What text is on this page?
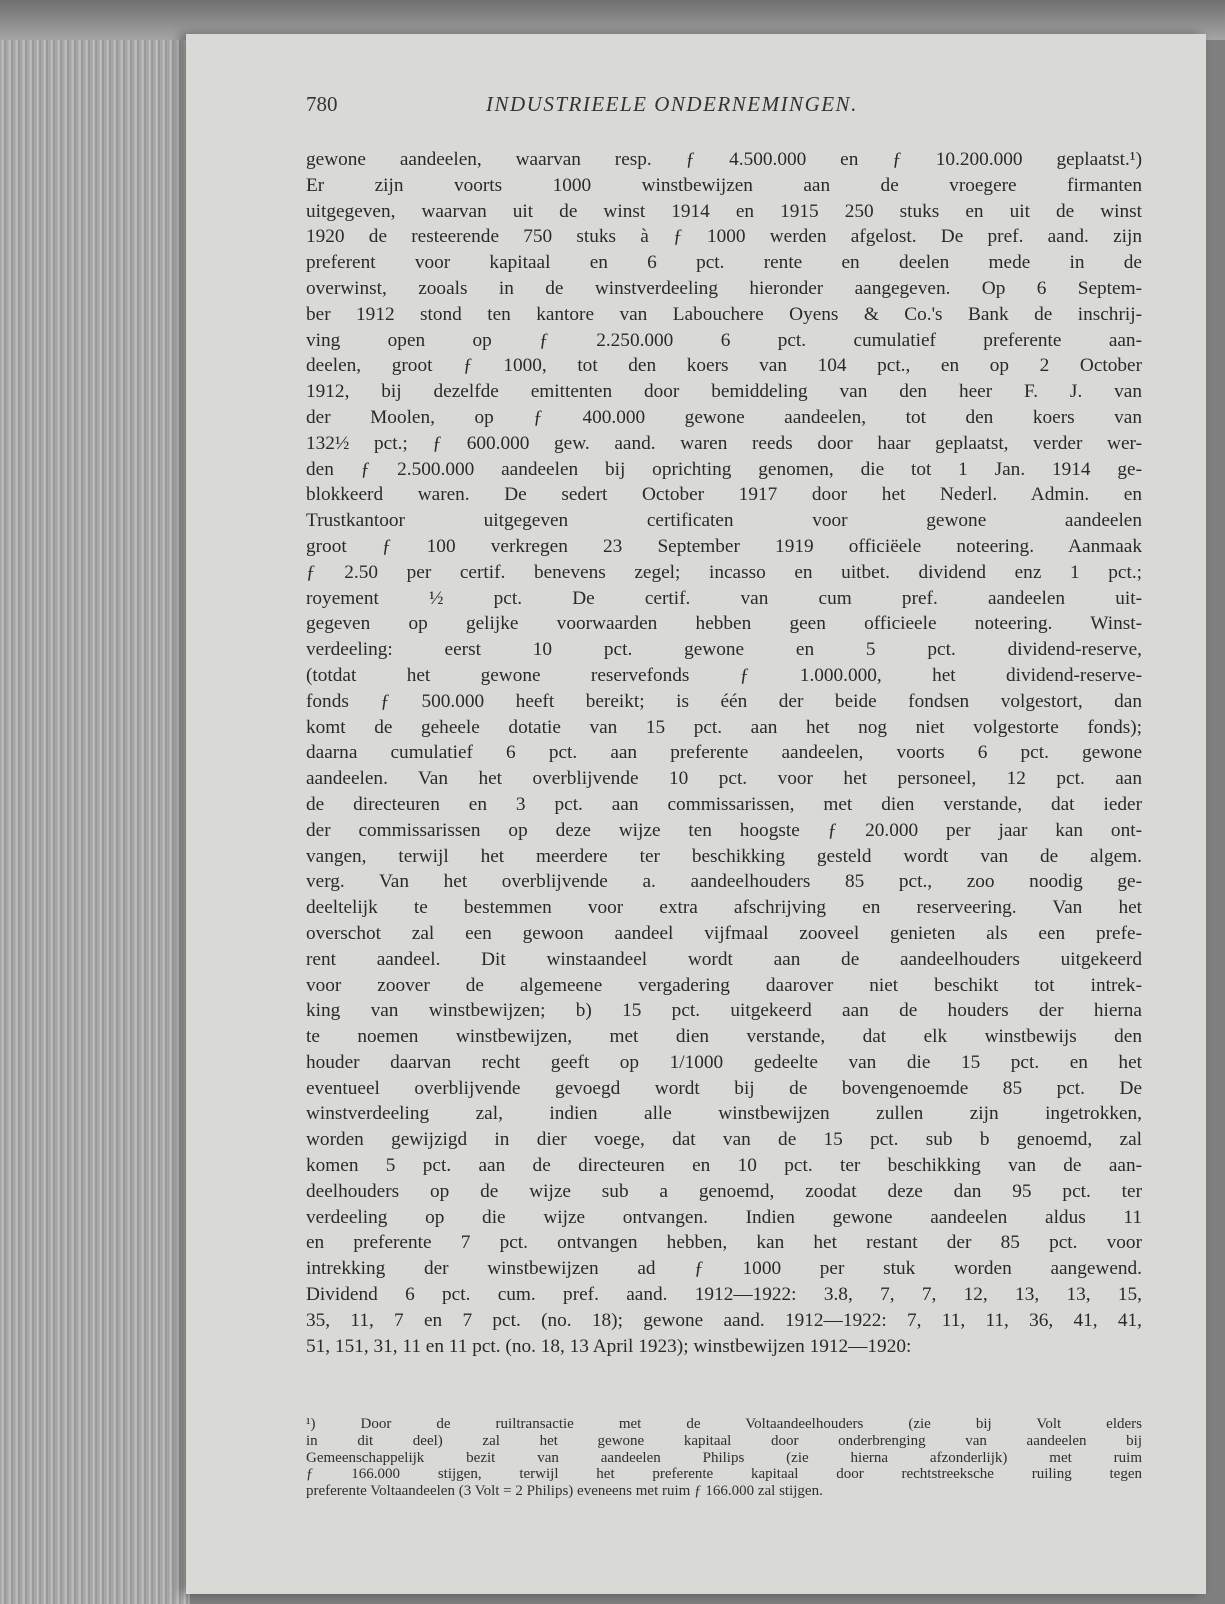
780	INDUSTRIEELE ONDERNEMINGEN.
gewone aandeelen, waarvan resp. ƒ 4.500.000 en ƒ 10.200.000 geplaatst.¹)
Er zijn voorts 1000 winstbewijzen aan de vroegere firmanten
uitgegeven, waarvan uit de winst 1914 en 1915 250 stuks en uit de winst
1920 de resteerende 750 stuks à ƒ 1000 werden afgelost. De pref. aand. zijn
preferent voor kapitaal en 6 pct. rente en deelen mede in de
overwinst, zooals in de winstverdeeling hieronder aangegeven. Op 6 Septem-
ber 1912 stond ten kantore van Labouchere Oyens & Co.'s Bank de inschrij-
ving open op ƒ 2.250.000 6 pct. cumulatief preferente aan-
deelen, groot ƒ 1000, tot den koers van 104 pct., en op 2 October
1912, bij dezelfde emittenten door bemiddeling van den heer F. J. van
der Moolen, op ƒ 400.000 gewone aandeelen, tot den koers van
132½ pct.; ƒ 600.000 gew. aand. waren reeds door haar geplaatst, verder wer-
den ƒ 2.500.000 aandeelen bij oprichting genomen, die tot 1 Jan. 1914 ge-
blokkeerd waren. De sedert October 1917 door het Nederl. Admin. en
Trustkantoor uitgegeven certificaten voor gewone aandeelen
groot ƒ 100 verkregen 23 September 1919 officiëele noteering. Aanmaak
ƒ 2.50 per certif. benevens zegel; incasso en uitbet. dividend enz 1 pct.;
royement ½ pct. De certif. van cum pref. aandeelen uit-
gegeven op gelijke voorwaarden hebben geen officieele noteering. Winst-
verdeeling: eerst 10 pct. gewone en 5 pct. dividend-reserve,
(totdat het gewone reservefonds ƒ 1.000.000, het dividend-reserve-
fonds ƒ 500.000 heeft bereikt; is één der beide fondsen volgestort, dan
komt de geheele dotatie van 15 pct. aan het nog niet volgestorte fonds);
daarna cumulatief 6 pct. aan preferente aandeelen, voorts 6 pct. gewone
aandeelen. Van het overblijvende 10 pct. voor het personeel, 12 pct. aan
de directeuren en 3 pct. aan commissarissen, met dien verstande, dat ieder
der commissarissen op deze wijze ten hoogste ƒ 20.000 per jaar kan ont-
vangen, terwijl het meerdere ter beschikking gesteld wordt van de algem.
verg. Van het overblijvende a. aandeelhouders 85 pct., zoo noodig ge-
deeltelijk te bestemmen voor extra afschrijving en reserveering. Van het
overschot zal een gewoon aandeel vijfmaal zooveel genieten als een prefe-
rent aandeel. Dit winstaandeel wordt aan de aandeelhouders uitgekeerd
voor zoover de algemeene vergadering daarover niet beschikt tot intrek-
king van winstbewijzen; b) 15 pct. uitgekeerd aan de houders der hierna
te noemen winstbewijzen, met dien verstande, dat elk winstbewijs den
houder daarvan recht geeft op 1/1000 gedeelte van die 15 pct. en het
eventueel overblijvende gevoegd wordt bij de bovengenoemde 85 pct. De
winstverdeeling zal, indien alle winstbewijzen zullen zijn ingetrokken,
worden gewijzigd in dier voege, dat van de 15 pct. sub b genoemd, zal
komen 5 pct. aan de directeuren en 10 pct. ter beschikking van de aan-
deelhouders op de wijze sub a genoemd, zoodat deze dan 95 pct. ter
verdeeling op die wijze ontvangen. Indien gewone aandeelen aldus 11
en preferente 7 pct. ontvangen hebben, kan het restant der 85 pct. voor
intrekking der winstbewijzen ad ƒ 1000 per stuk worden aangewend.
Dividend 6 pct. cum. pref. aand. 1912—1922: 3.8, 7, 7, 12, 13, 13, 15,
35, 11, 7 en 7 pct. (no. 18); gewone aand. 1912—1922: 7, 11, 11, 36, 41, 41,
51, 151, 31, 11 en 11 pct. (no. 18, 13 April 1923); winstbewijzen 1912—1920:
¹) Door de ruiltransactie met de Voltaandeelhouders (zie bij Volt elders
in dit deel) zal het gewone kapitaal door onderbrenging van aandeelen bij
Gemeenschappelijk bezit van aandeelen Philips (zie hierna afzonderlijk) met ruim
ƒ 166.000 stijgen, terwijl het preferente kapitaal door rechtstreeksche ruiling tegen
preferente Voltaandeelen (3 Volt = 2 Philips) eveneens met ruim ƒ 166.000 zal stijgen.
